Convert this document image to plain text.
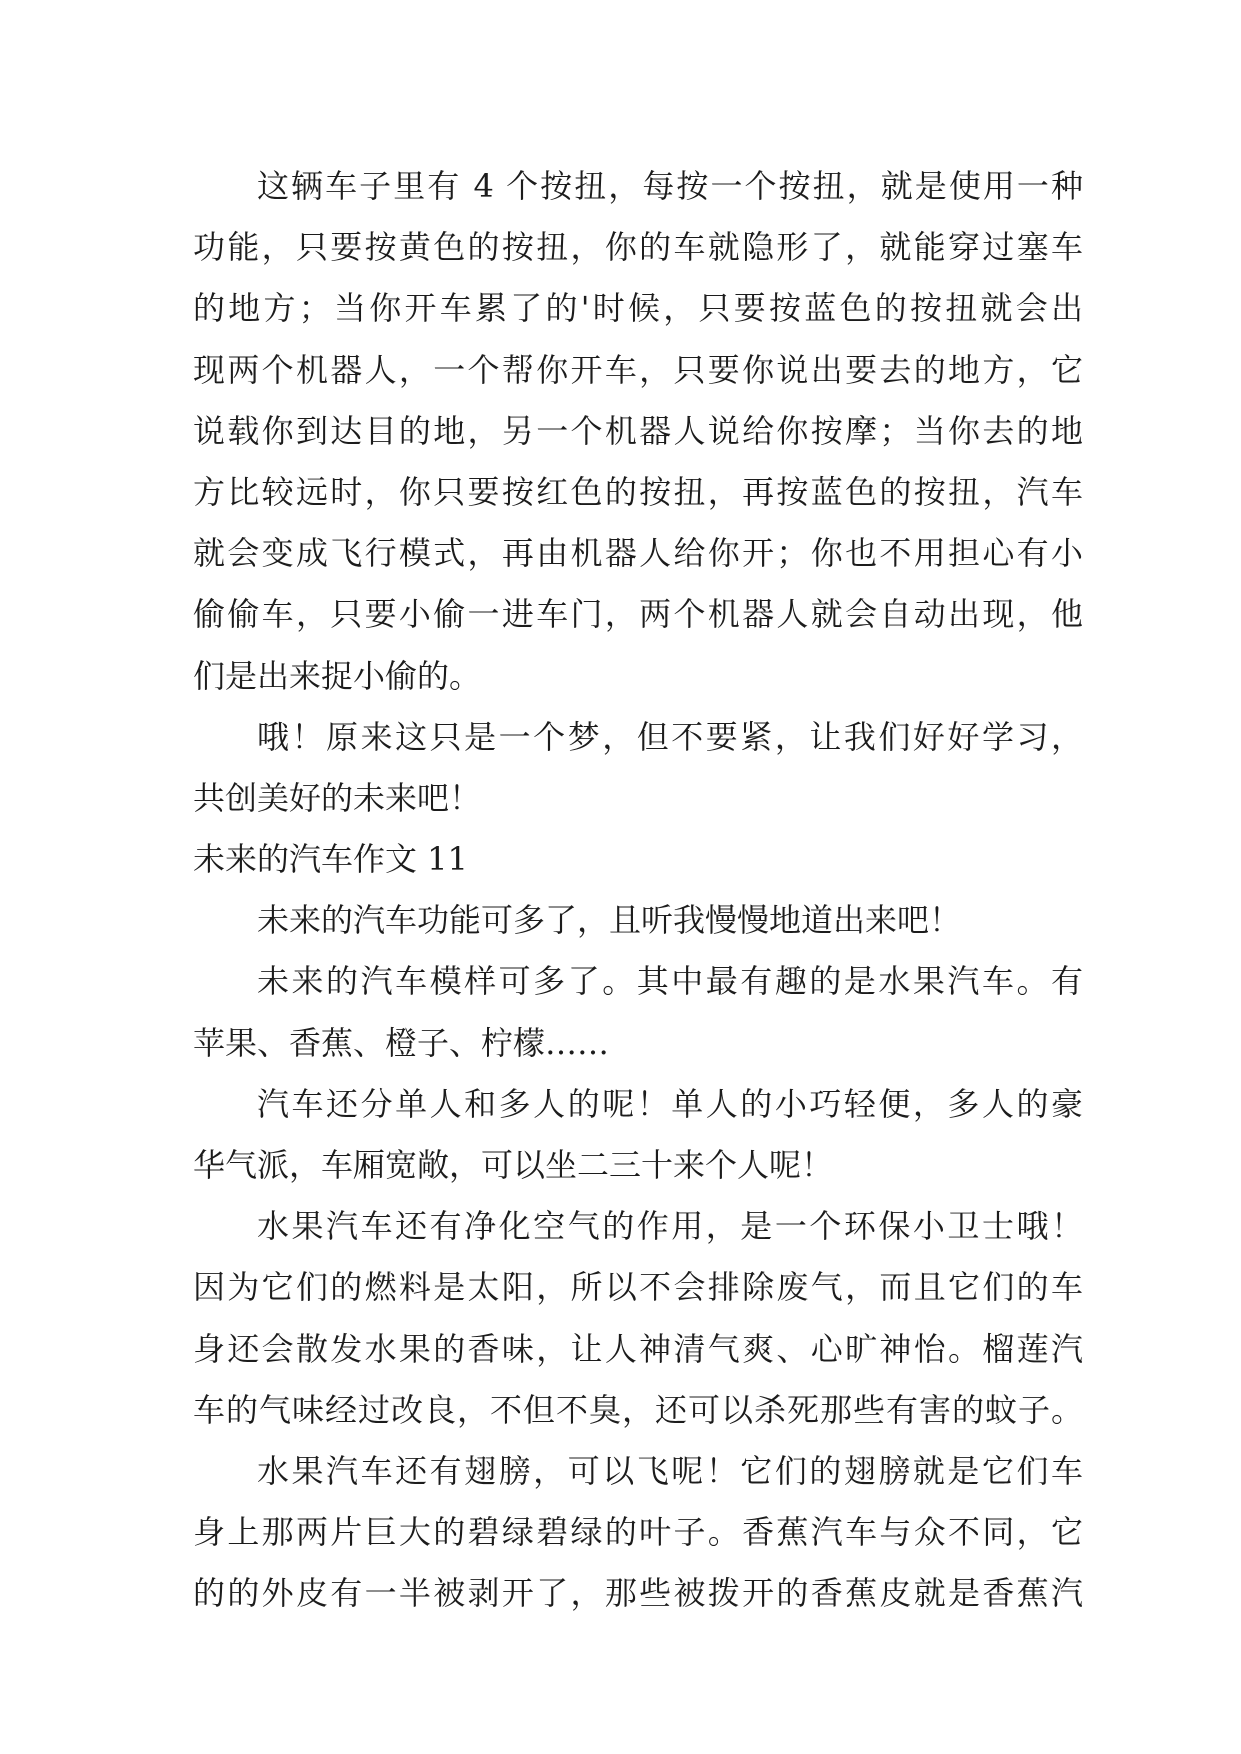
这辆车子里有 4 个按扭，每按一个按扭，就是使用一种
功能，只要按黄色的按扭，你的车就隐形了，就能穿过塞车
的地方；当你开车累了的'时候，只要按蓝色的按扭就会出
现两个机器人，一个帮你开车，只要你说出要去的地方，它
说载你到达目的地，另一个机器人说给你按摩；当你去的地
方比较远时，你只要按红色的按扭，再按蓝色的按扭，汽车
就会变成飞行模式，再由机器人给你开；你也不用担心有小
偷偷车，只要小偷一进车门，两个机器人就会自动出现，他
们是出来捉小偷的。
哦！原来这只是一个梦，但不要紧，让我们好好学习，
共创美好的未来吧！
未来的汽车作文 11
未来的汽车功能可多了，且听我慢慢地道出来吧！
未来的汽车模样可多了。其中最有趣的是水果汽车。有
苹果、香蕉、橙子、柠檬……
汽车还分单人和多人的呢！单人的小巧轻便，多人的豪
华气派，车厢宽敞，可以坐二三十来个人呢！
水果汽车还有净化空气的作用，是一个环保小卫士哦！
因为它们的燃料是太阳，所以不会排除废气，而且它们的车
身还会散发水果的香味，让人神清气爽、心旷神怡。榴莲汽
车的气味经过改良，不但不臭，还可以杀死那些有害的蚊子。
水果汽车还有翅膀，可以飞呢！它们的翅膀就是它们车
身上那两片巨大的碧绿碧绿的叶子。香蕉汽车与众不同，它
的的外皮有一半被剥开了，那些被拨开的香蕉皮就是香蕉汽
